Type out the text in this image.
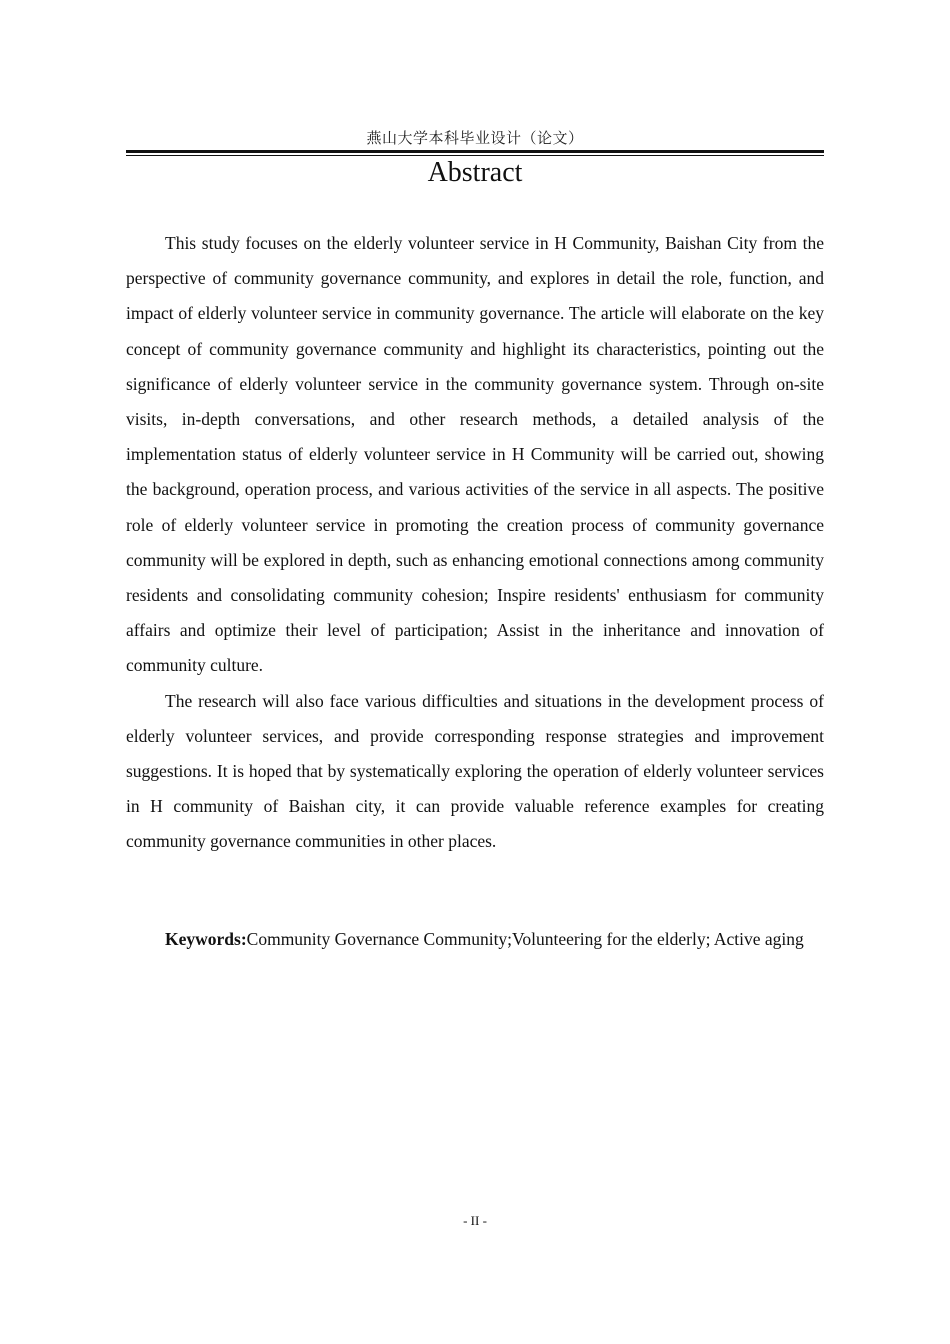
燕山大学本科毕业设计（论文）
Abstract

This study focuses on the elderly volunteer service in H Community, Baishan City from the perspective of community governance community, and explores in detail the role, function, and impact of elderly volunteer service in community governance. The article will elaborate on the key concept of community governance community and highlight its characteristics, pointing out the significance of elderly volunteer service in the community governance system. Through on-site visits, in-depth conversations, and other research methods, a detailed analysis of the implementation status of elderly volunteer service in H Community will be carried out, showing the background, operation process, and various activities of the service in all aspects. The positive role of elderly volunteer service in promoting the creation process of community governance community will be explored in depth, such as enhancing emotional connections among community residents and consolidating community cohesion; Inspire residents' enthusiasm for community affairs and optimize their level of participation; Assist in the inheritance and innovation of community culture.

The research will also face various difficulties and situations in the development process of elderly volunteer services, and provide corresponding response strategies and improvement suggestions. It is hoped that by systematically exploring the operation of elderly volunteer services in H community of Baishan city, it can provide valuable reference examples for creating community governance communities in other places.

Keywords:Community Governance Community;Volunteering for the elderly; Active aging

- II -
